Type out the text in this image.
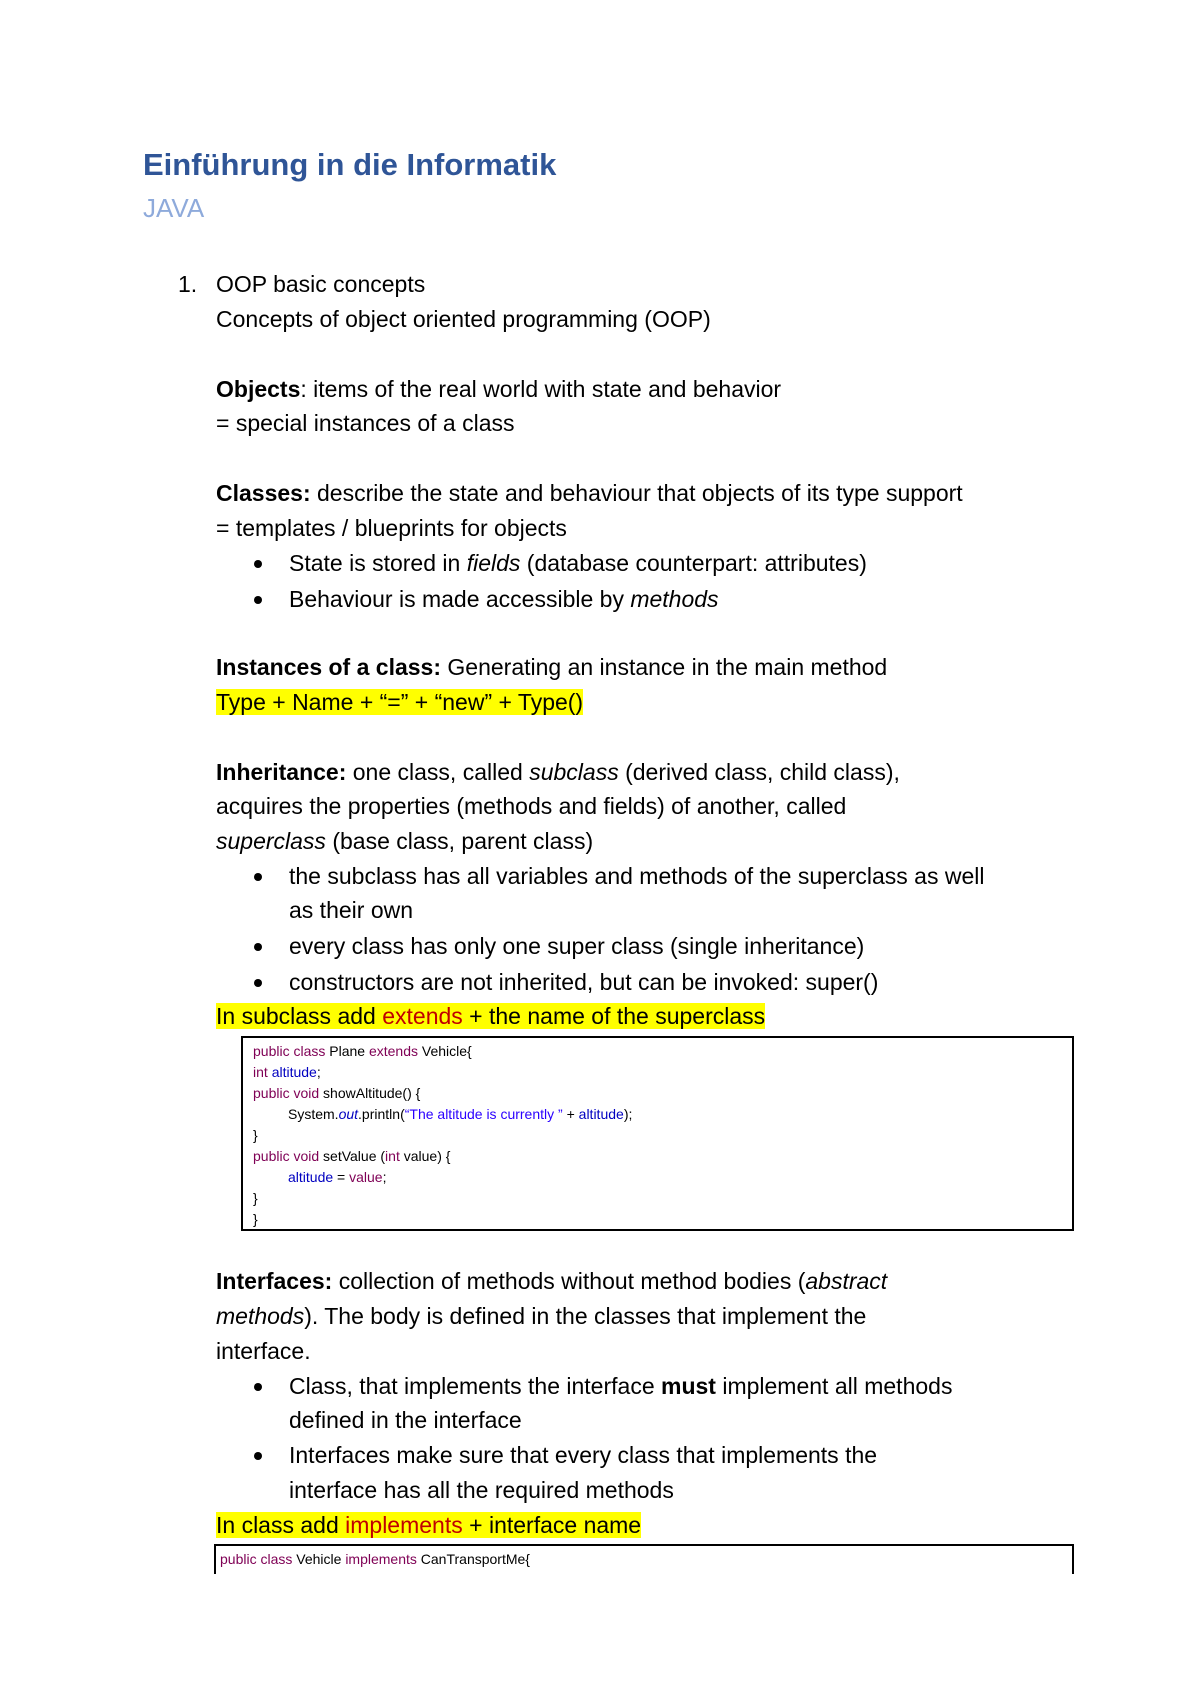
Einführung in die Informatik
JAVA
1. OOP basic concepts
Concepts of object oriented programming (OOP)
Objects: items of the real world with state and behavior
= special instances of a class
Classes: describe the state and behaviour that objects of its type support
= templates / blueprints for objects
State is stored in fields (database counterpart: attributes)
Behaviour is made accessible by methods
Instances of a class: Generating an instance in the main method
Type + Name + “=” + “new” + Type()
Inheritance: one class, called subclass (derived class, child class),
acquires the properties (methods and fields) of another, called
superclass (base class, parent class)
the subclass has all variables and methods of the superclass as well
as their own
every class has only one super class (single inheritance)
constructors are not inherited, but can be invoked: super()
In subclass add extends + the name of the superclass
public class Plane extends Vehicle{
int altitude;
public void showAltitude() {
System.out.println(“The altitude is currently ” + altitude);
}
public void setValue (int value) {
altitude = value;
}
}
Interfaces: collection of methods without method bodies (abstract
methods). The body is defined in the classes that implement the
interface.
Class, that implements the interface must implement all methods
defined in the interface
Interfaces make sure that every class that implements the
interface has all the required methods
In class add implements + interface name
public class Vehicle implements CanTransportMe{
